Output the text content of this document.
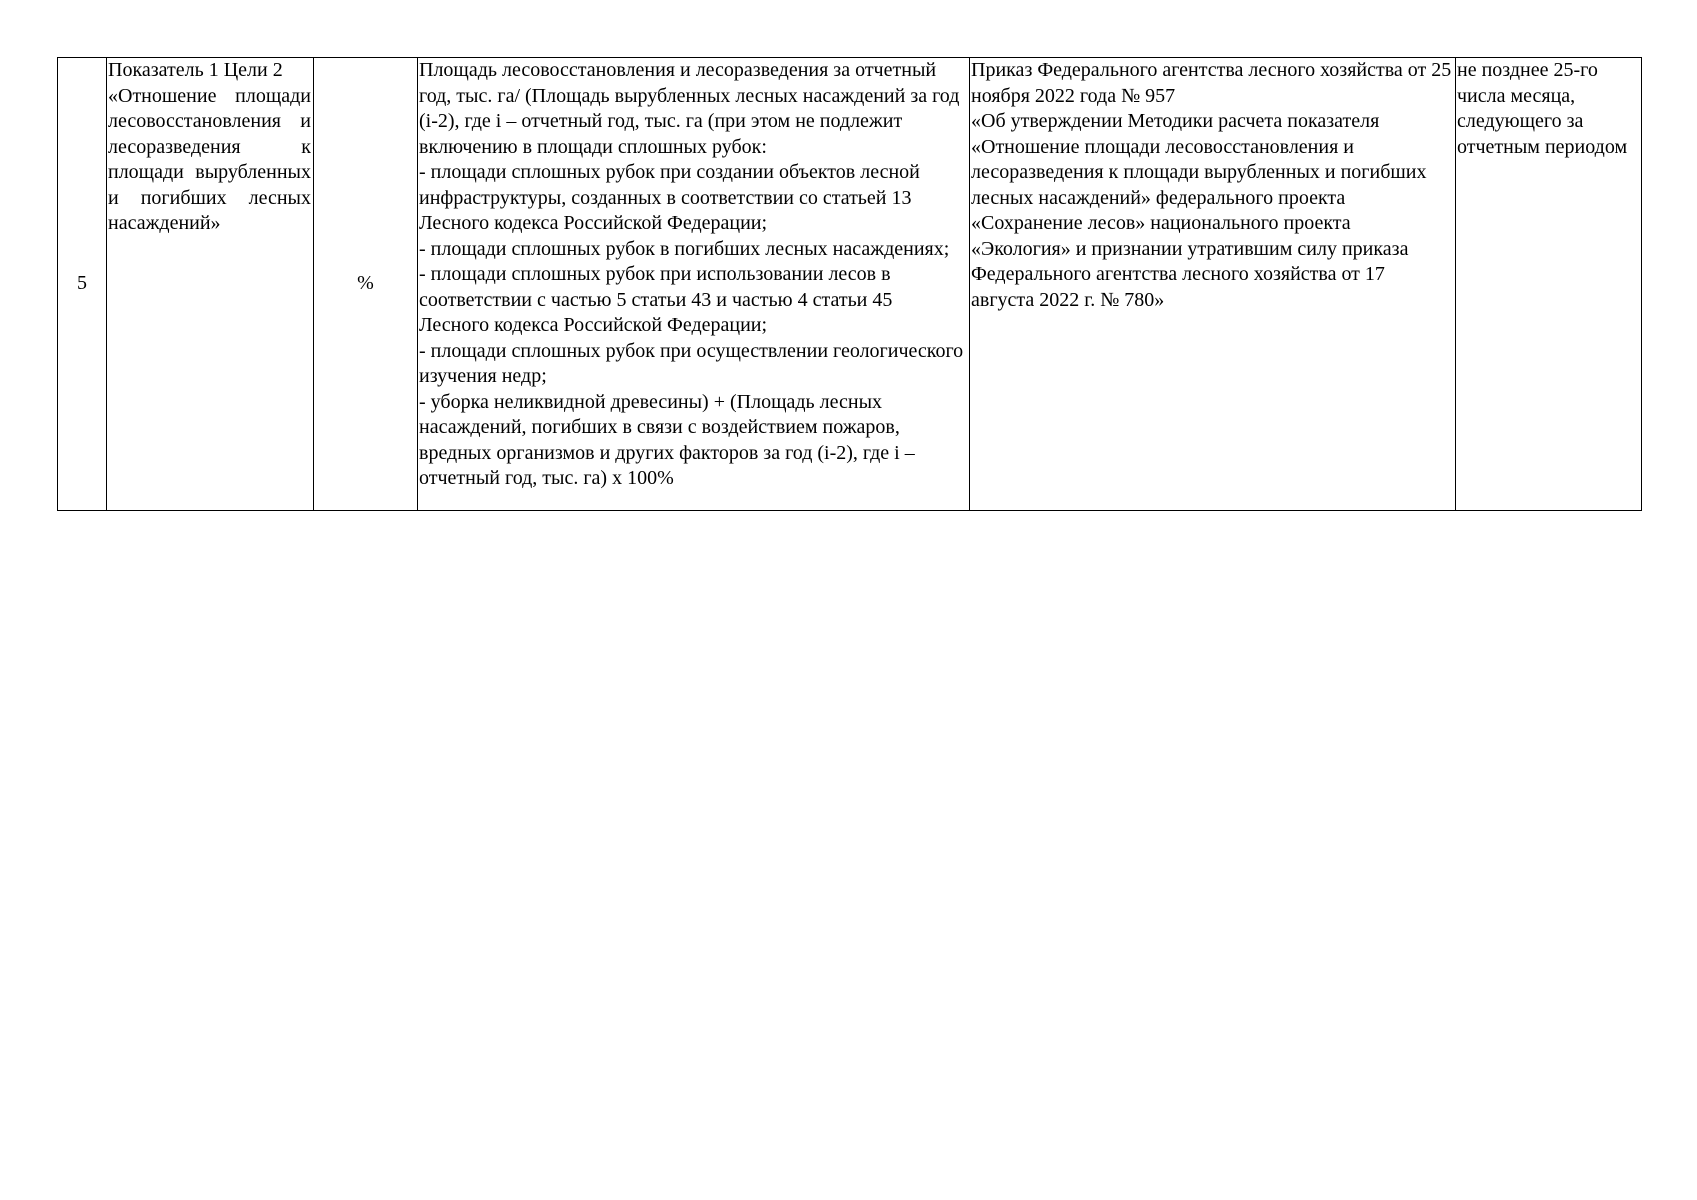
5	Показатель 1 Цели 2
«Отношение площади лесовосстановления и лесоразведения к площади вырубленных и погибших лесных насаждений»	%	Площадь лесовосстановления и лесоразведения за отчетный год, тыс. га/ (Площадь вырубленных лесных насаждений за год (i-2), где i – отчетный год, тыс. га (при этом не подлежит включению в площади сплошных рубок:
- площади сплошных рубок при создании объектов лесной инфраструктуры, созданных в соответствии со статьей 13 Лесного кодекса Российской Федерации;
- площади сплошных рубок в погибших лесных насаждениях;
- площади сплошных рубок при использовании лесов в соответствии с частью 5 статьи 43 и частью 4 статьи 45 Лесного кодекса Российской Федерации;
- площади сплошных рубок при осуществлении геологического изучения недр;
- уборка неликвидной древесины) + (Площадь лесных насаждений, погибших в связи с воздействием пожаров, вредных организмов и других факторов за год (i-2), где i – отчетный год, тыс. га) х 100%	Приказ Федерального агентства лесного хозяйства от 25 ноября 2022 года № 957
«Об утверждении Методики расчета показателя «Отношение площади лесовосстановления и лесоразведения к площади вырубленных и погибших лесных насаждений» федерального проекта «Сохранение лесов» национального проекта «Экология» и признании утратившим силу приказа Федерального агентства лесного хозяйства от 17 августа 2022 г. № 780»	не позднее 25-го числа месяца, следующего за отчетным периодом
